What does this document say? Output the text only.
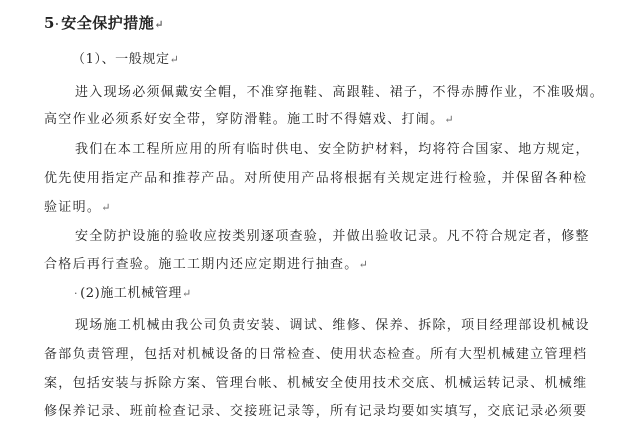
5· 安全保护措施↵
（1）、一般规定↵
进入现场必须佩戴安全帽，不准穿拖鞋、高跟鞋、裙子，不得赤膊作业，不准吸烟。
高空作业必须系好安全带，穿防滑鞋。施工时不得嬉戏、打闹。↵
我们在本工程所应用的所有临时供电、安全防护材料，均将符合国家、地方规定，
优先使用指定产品和推荐产品。对所使用产品将根据有关规定进行检验，并保留各种检
验证明。↵
安全防护设施的验收应按类别逐项查验，并做出验收记录。凡不符合规定者，修整
合格后再行查验。施工工期内还应定期进行抽查。↵
· (2)施工机械管理↵
现场施工机械由我公司负责安装、调试、维修、保养、拆除，项目经理部设机械设
备部负责管理，包括对机械设备的日常检查、使用状态检查。所有大型机械建立管理档
案，包括安装与拆除方案、管理台帐、机械安全使用技术交底、机械运转记录、机械维
修保养记录、班前检查记录、交接班记录等，所有记录均要如实填写，交底记录必须要
